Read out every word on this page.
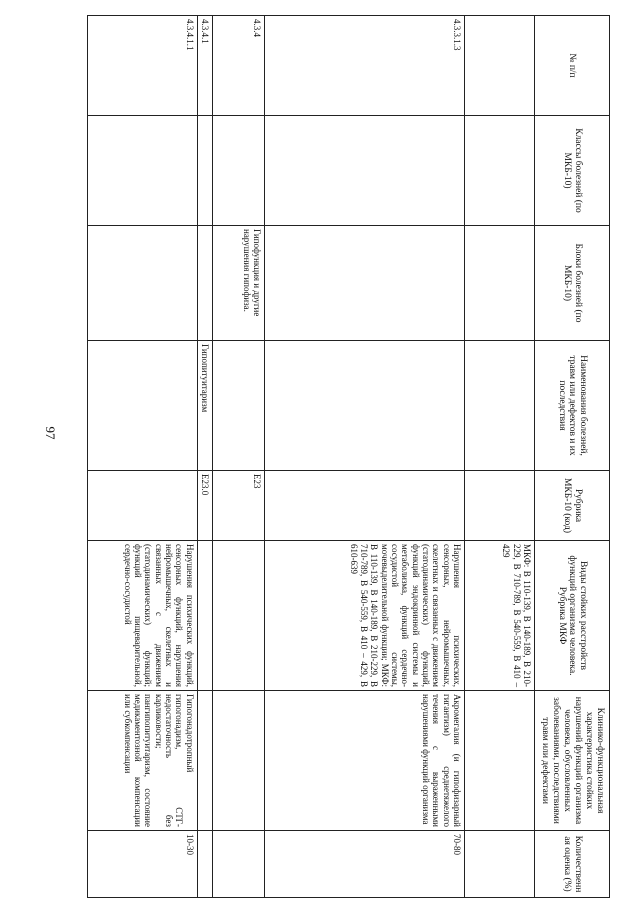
97
№ п/п	Классы болезней (по МКБ-10)	Блоки болезней (по МКБ-10)	Наименования болезней, травм или дефектов и их последствия	Рубрика МКБ-10 (код)	Виды стойких расстройств функций организма человека. Рубрика МКФ	Клинико-функциональная характеристика стойких нарушений функций организма человека, обусловленных заболеваниями, последствиями травм или дефектами	Количественная оценка (%)
					МКФ: В 110-139, В 140-189, В 210-229, В 710-789, В 540-559, В 410 – 429		
4.3.3.1.3					Нарушения психических, сенсорных, нейромышечных, скелетных и связанных с движением (статодинамических) функций, функций эндокринной системы и метаболизма, функций сердечно-сосудистой системы, мочевыделительной функции; МКФ: В 110-139, В 140-189, В 210-229, В 710-789, В 540-559, В 410 – 429, В 610-639	Акромегалия (и гипофизарный гигантизм) среднетяжелого течения с выраженными нарушениями функций организма	70-80
4.3.4		Гипофункция и другие нарушения гипофиза.		E23			
4.3.4.1			Гипопитуитаризм	E23.0			
4.3.4.1.1					Нарушения психических функций, сенсорных функций, нарушения нейромышечных, скелетных и связанных с движением (статодинамических) функций; функций пищеварительной, сердечно-сосудистой	Гипогонадотропный гипогонадизм, СТГ-недостаточность без карликовости; пангипопитуитаризм, состояние медикаментозной компенсации или субкомпенсации	10-30
